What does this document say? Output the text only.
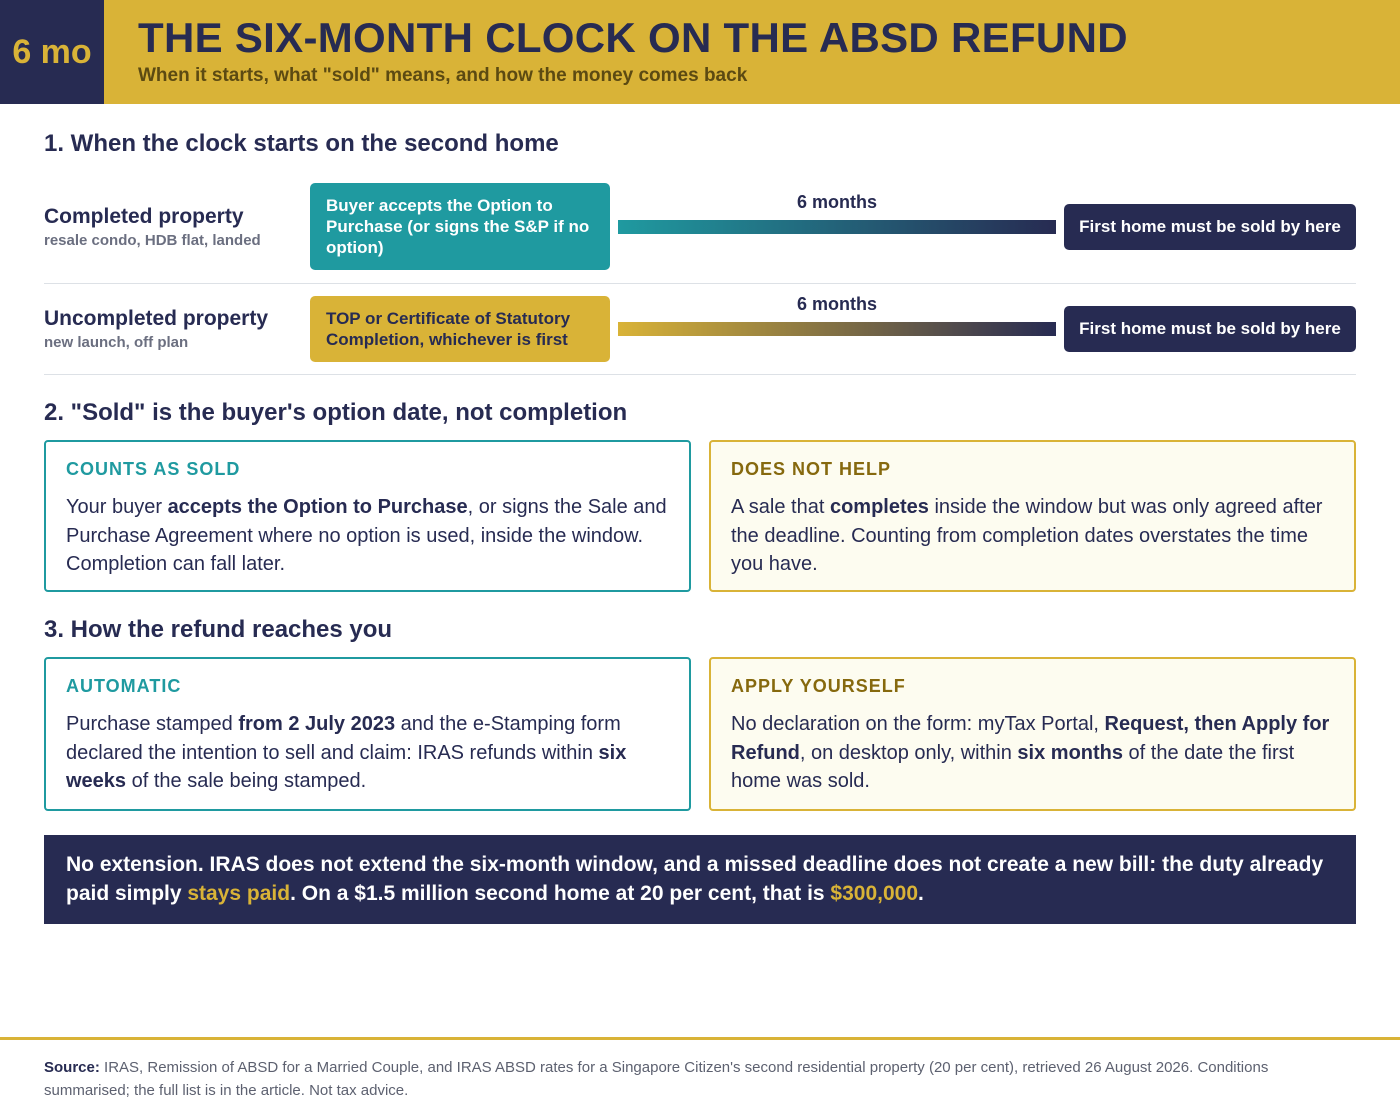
6 mo THE SIX-MONTH CLOCK ON THE ABSD REFUND
When it starts, what "sold" means, and how the money comes back
1. When the clock starts on the second home
Completed property
resale condo, HDB flat, landed
Buyer accepts the Option to Purchase (or signs the S&P if no option)
6 months
First home must be sold by here
Uncompleted property
new launch, off plan
TOP or Certificate of Statutory Completion, whichever is first
6 months
First home must be sold by here
2. "Sold" is the buyer's option date, not completion
COUNTS AS SOLD
Your buyer accepts the Option to Purchase, or signs the Sale and Purchase Agreement where no option is used, inside the window. Completion can fall later.
DOES NOT HELP
A sale that completes inside the window but was only agreed after the deadline. Counting from completion dates overstates the time you have.
3. How the refund reaches you
AUTOMATIC
Purchase stamped from 2 July 2023 and the e-Stamping form declared the intention to sell and claim: IRAS refunds within six weeks of the sale being stamped.
APPLY YOURSELF
No declaration on the form: myTax Portal, Request, then Apply for Refund, on desktop only, within six months of the date the first home was sold.
No extension. IRAS does not extend the six-month window, and a missed deadline does not create a new bill: the duty already paid simply stays paid. On a $1.5 million second home at 20 per cent, that is $300,000.
Source: IRAS, Remission of ABSD for a Married Couple, and IRAS ABSD rates for a Singapore Citizen's second residential property (20 per cent), retrieved 26 August 2026. Conditions summarised; the full list is in the article. Not tax advice.
